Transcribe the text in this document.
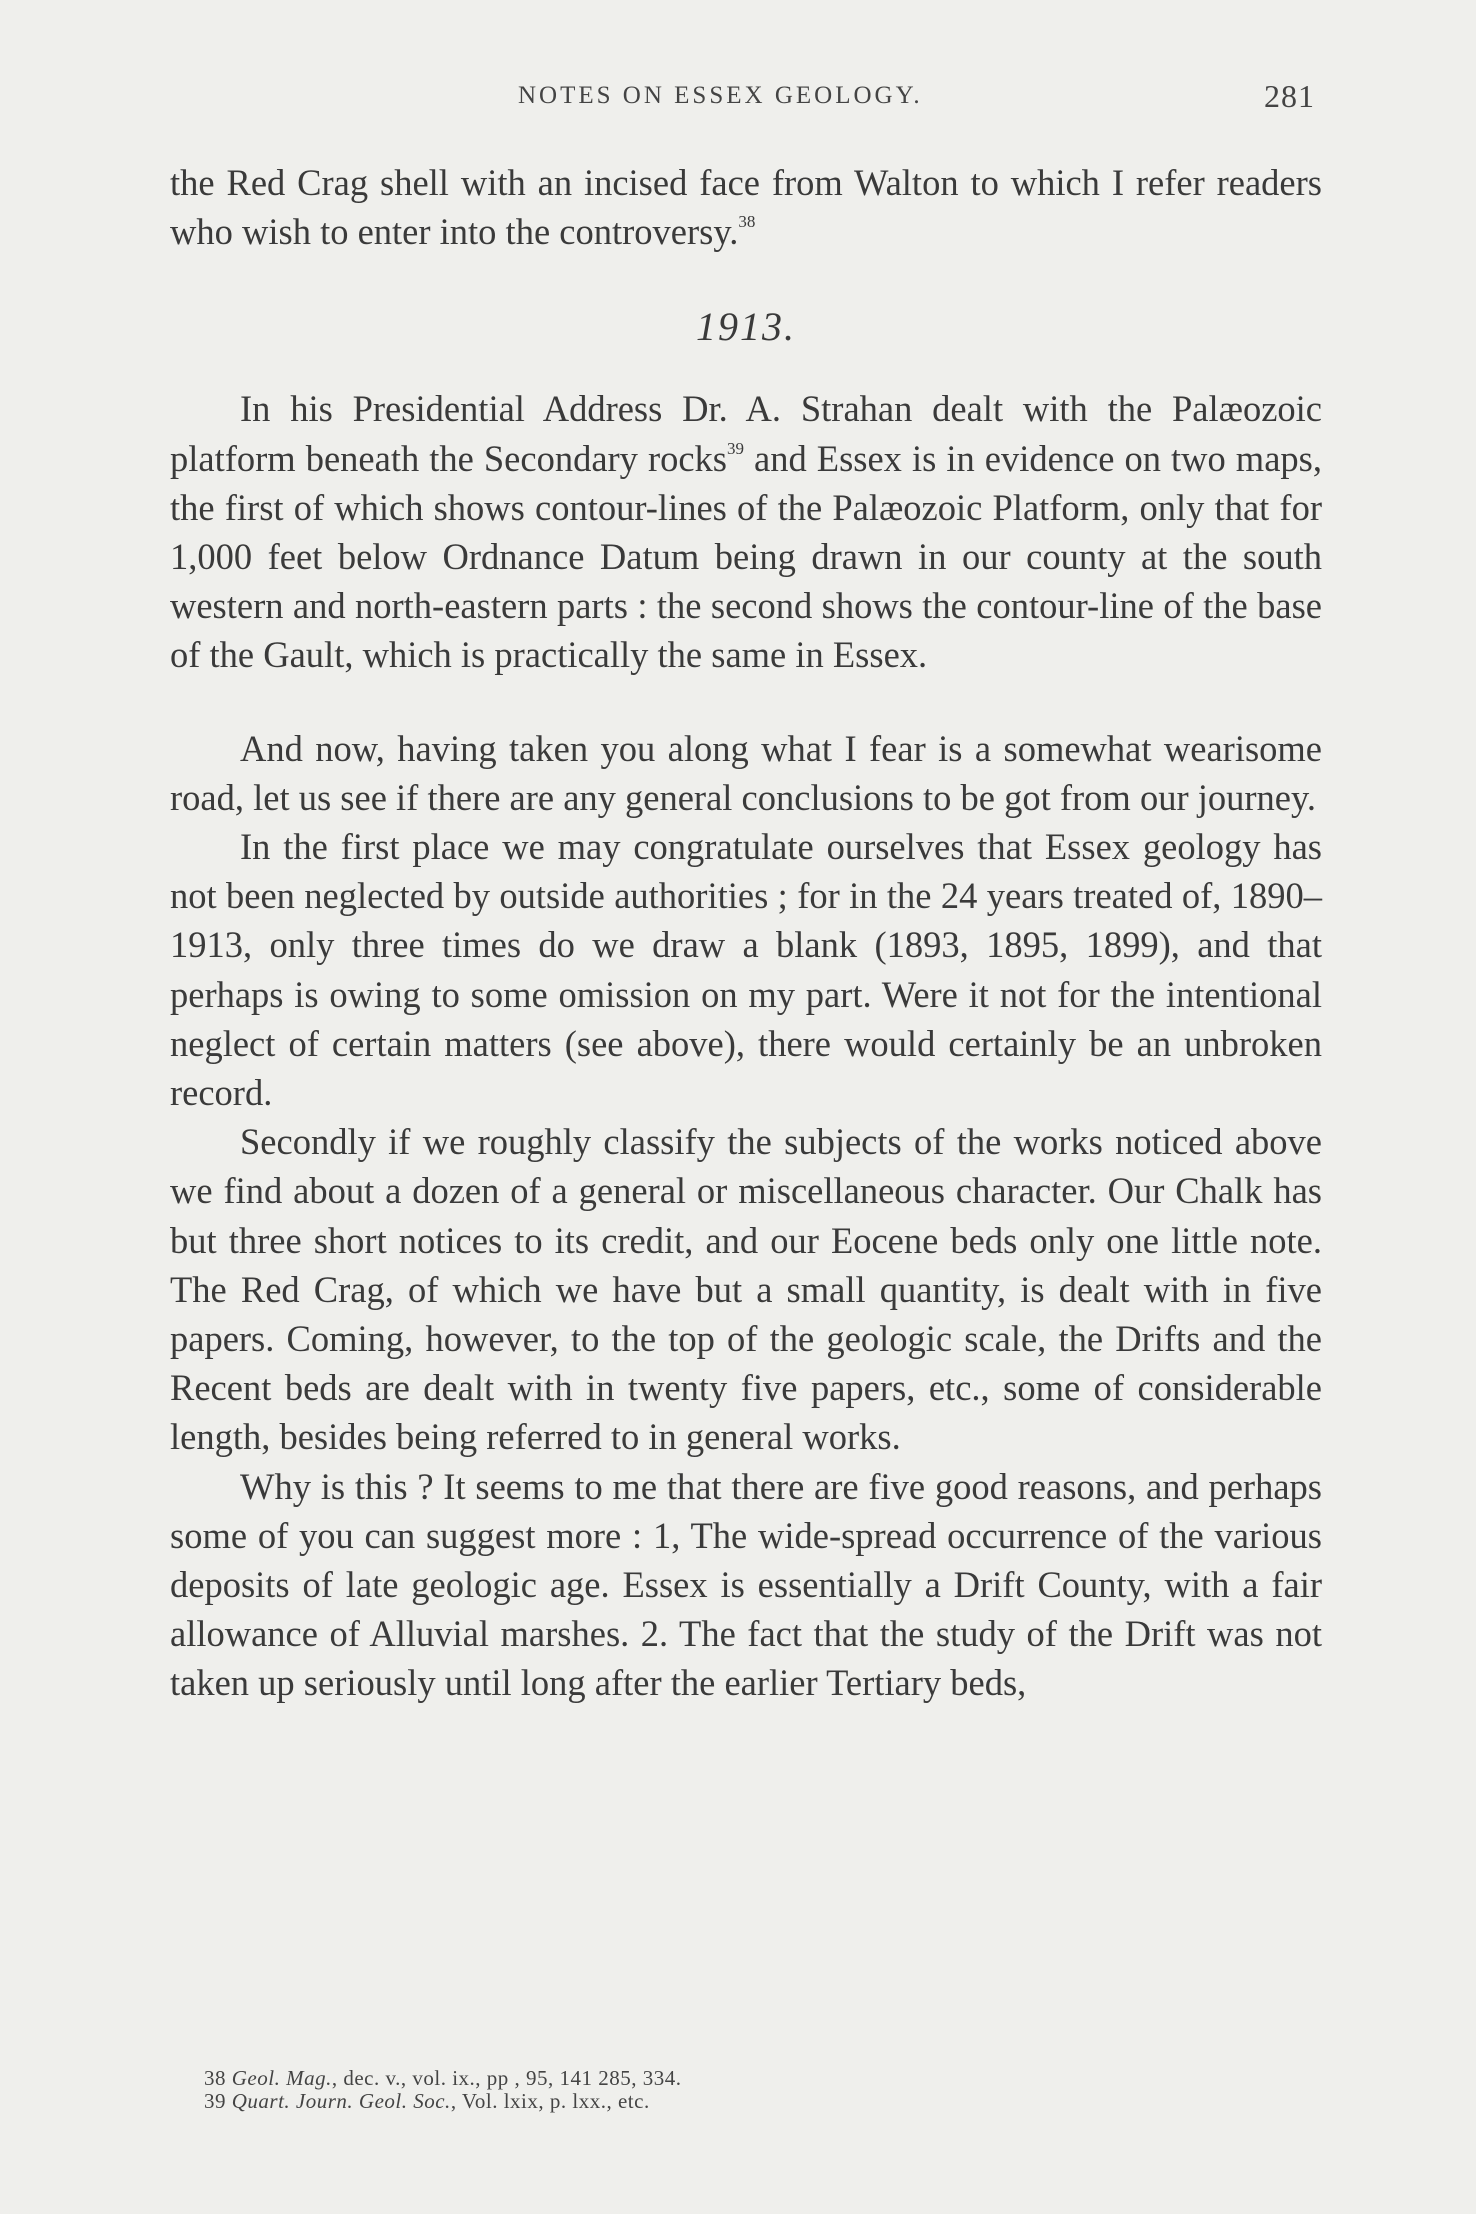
NOTES ON ESSEX GEOLOGY.	281

the Red Crag shell with an incised face from Walton to which I refer readers who wish to enter into the controversy.$^{38}$

1913.

In his Presidential Address Dr. A. Strahan dealt with the Palæozoic platform beneath the Secondary rocks$^{39}$ and Essex is in evidence on two maps, the first of which shows contour-lines of the Palæozoic Platform, only that for 1,000 feet below Ordnance Datum being drawn in our county at the south western and north-eastern parts : the second shows the contour-line of the base of the Gault, which is practically the same in Essex.

And now, having taken you along what I fear is a somewhat wearisome road, let us see if there are any general conclusions to be got from our journey.

In the first place we may congratulate ourselves that Essex geology has not been neglected by outside authorities ; for in the 24 years treated of, 1890–1913, only three times do we draw a blank (1893, 1895, 1899), and that perhaps is owing to some omission on my part. Were it not for the intentional neglect of certain matters (see above), there would certainly be an unbroken record.

Secondly if we roughly classify the subjects of the works noticed above we find about a dozen of a general or miscellaneous character. Our Chalk has but three short notices to its credit, and our Eocene beds only one little note. The Red Crag, of which we have but a small quantity, is dealt with in five papers. Coming, however, to the top of the geologic scale, the Drifts and the Recent beds are dealt with in twenty five papers, etc., some of considerable length, besides being referred to in general works.

Why is this ? It seems to me that there are five good reasons, and perhaps some of you can suggest more : 1, The wide-spread occurrence of the various deposits of late geologic age. Essex is essentially a Drift County, with a fair allowance of Alluvial marshes. 2. The fact that the study of the Drift was not taken up seriously until long after the earlier Tertiary beds,

38 Geol. Mag., dec. v., vol. ix., pp , 95, 141 285, 334.

39 Quart. Journ. Geol. Soc., Vol. lxix, p. lxx., etc.
